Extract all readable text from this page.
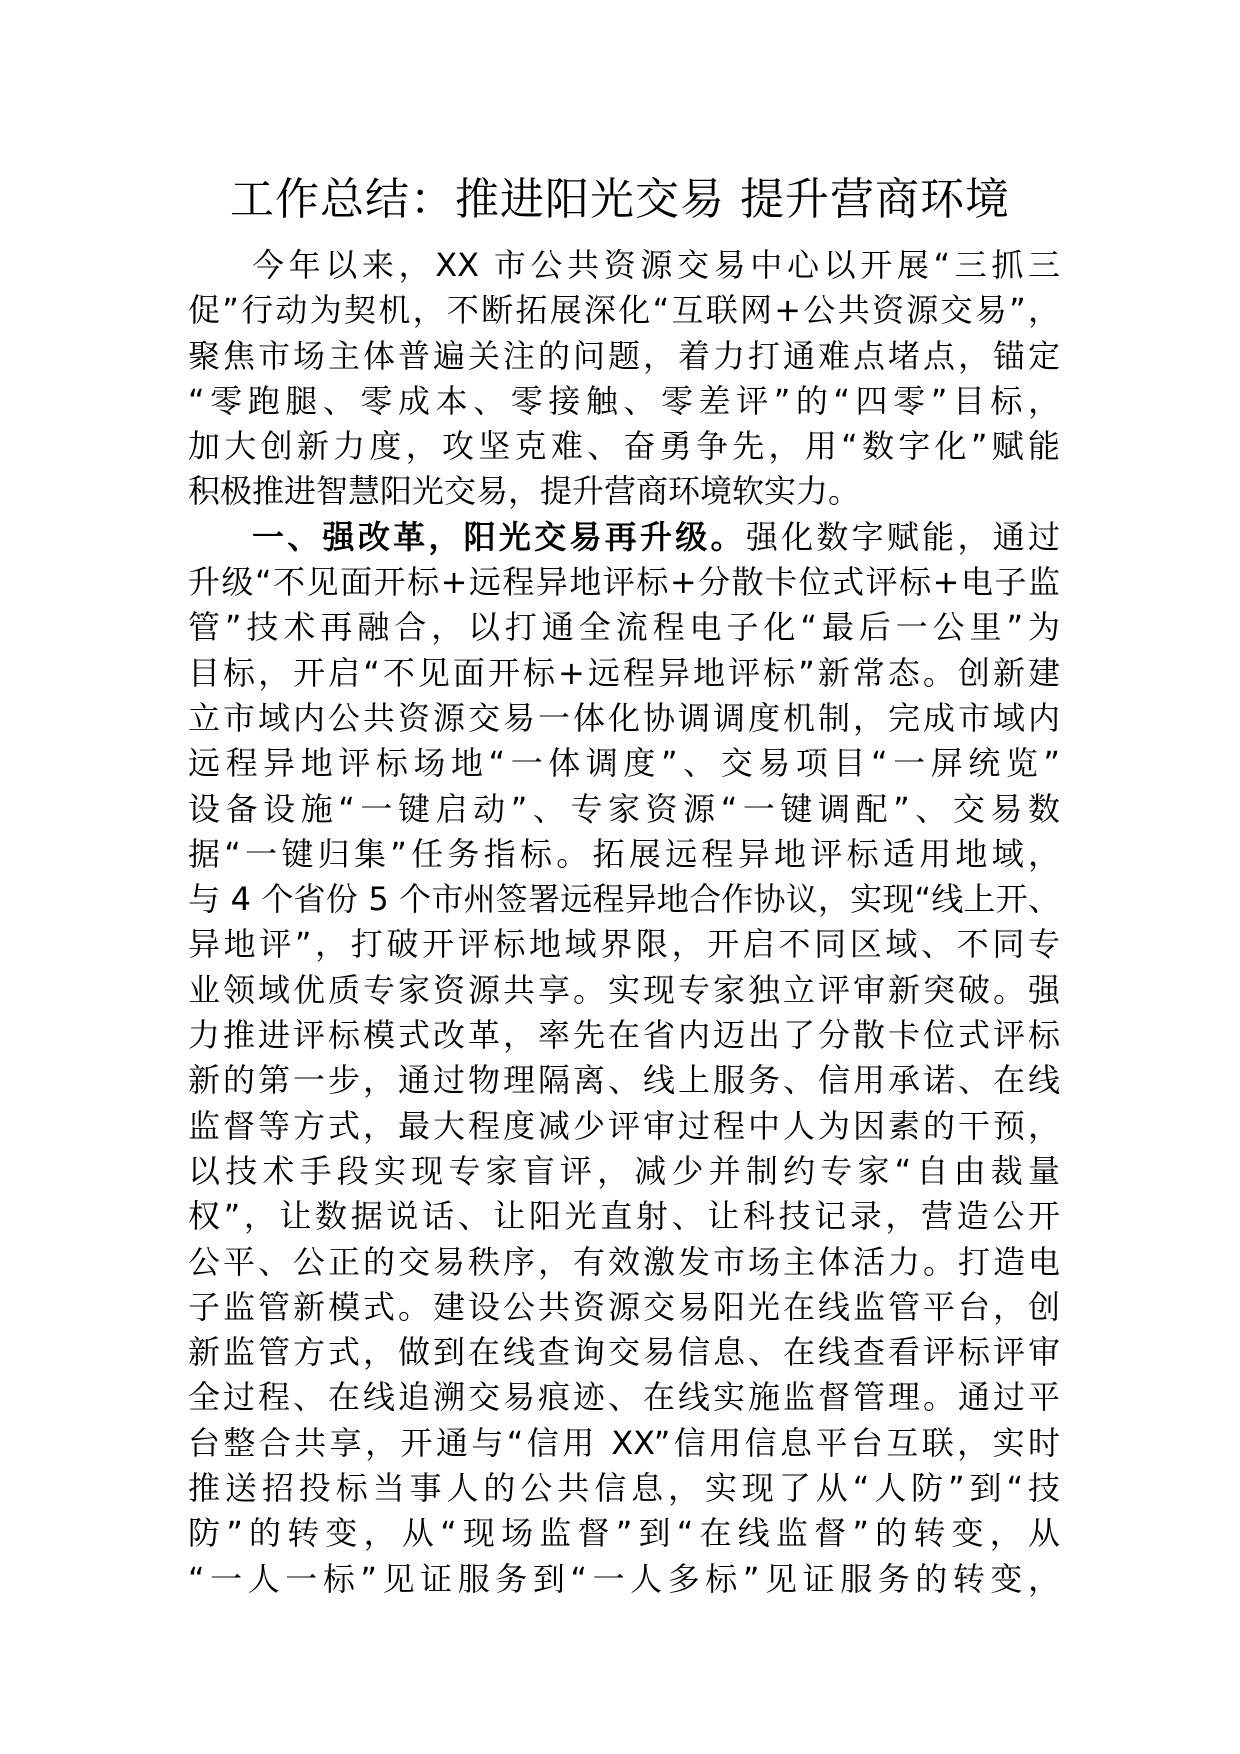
工作总结：推进阳光交易 提升营商环境
今年以来，XX 市公共资源交易中心以开展“三抓三
促”行动为契机，不断拓展深化“互联网+公共资源交易”，
聚焦市场主体普遍关注的问题，着力打通难点堵点，锚定
“零跑腿、零成本、零接触、零差评”的“四零”目标，
加大创新力度，攻坚克难、奋勇争先，用“数字化”赋能
积极推进智慧阳光交易，提升营商环境软实力。
一、强改革，阳光交易再升级。强化数字赋能，通过
升级“不见面开标+远程异地评标+分散卡位式评标+电子监
管”技术再融合，以打通全流程电子化“最后一公里”为
目标，开启“不见面开标+远程异地评标”新常态。创新建
立市域内公共资源交易一体化协调调度机制，完成市域内
远程异地评标场地“一体调度”、交易项目“一屏统览”
设备设施“一键启动”、专家资源“一键调配”、交易数
据“一键归集”任务指标。拓展远程异地评标适用地域，
与 4 个省份 5 个市州签署远程异地合作协议，实现“线上开、
异地评”，打破开评标地域界限，开启不同区域、不同专
业领域优质专家资源共享。实现专家独立评审新突破。强
力推进评标模式改革，率先在省内迈出了分散卡位式评标
新的第一步，通过物理隔离、线上服务、信用承诺、在线
监督等方式，最大程度减少评审过程中人为因素的干预，
以技术手段实现专家盲评，减少并制约专家“自由裁量
权”，让数据说话、让阳光直射、让科技记录，营造公开
公平、公正的交易秩序，有效激发市场主体活力。打造电
子监管新模式。建设公共资源交易阳光在线监管平台，创
新监管方式，做到在线查询交易信息、在线查看评标评审
全过程、在线追溯交易痕迹、在线实施监督管理。通过平
台整合共享，开通与“信用 XX”信用信息平台互联，实时
推送招投标当事人的公共信息，实现了从“人防”到“技
防”的转变，从“现场监督”到“在线监督”的转变，从
“一人一标”见证服务到“一人多标”见证服务的转变，
